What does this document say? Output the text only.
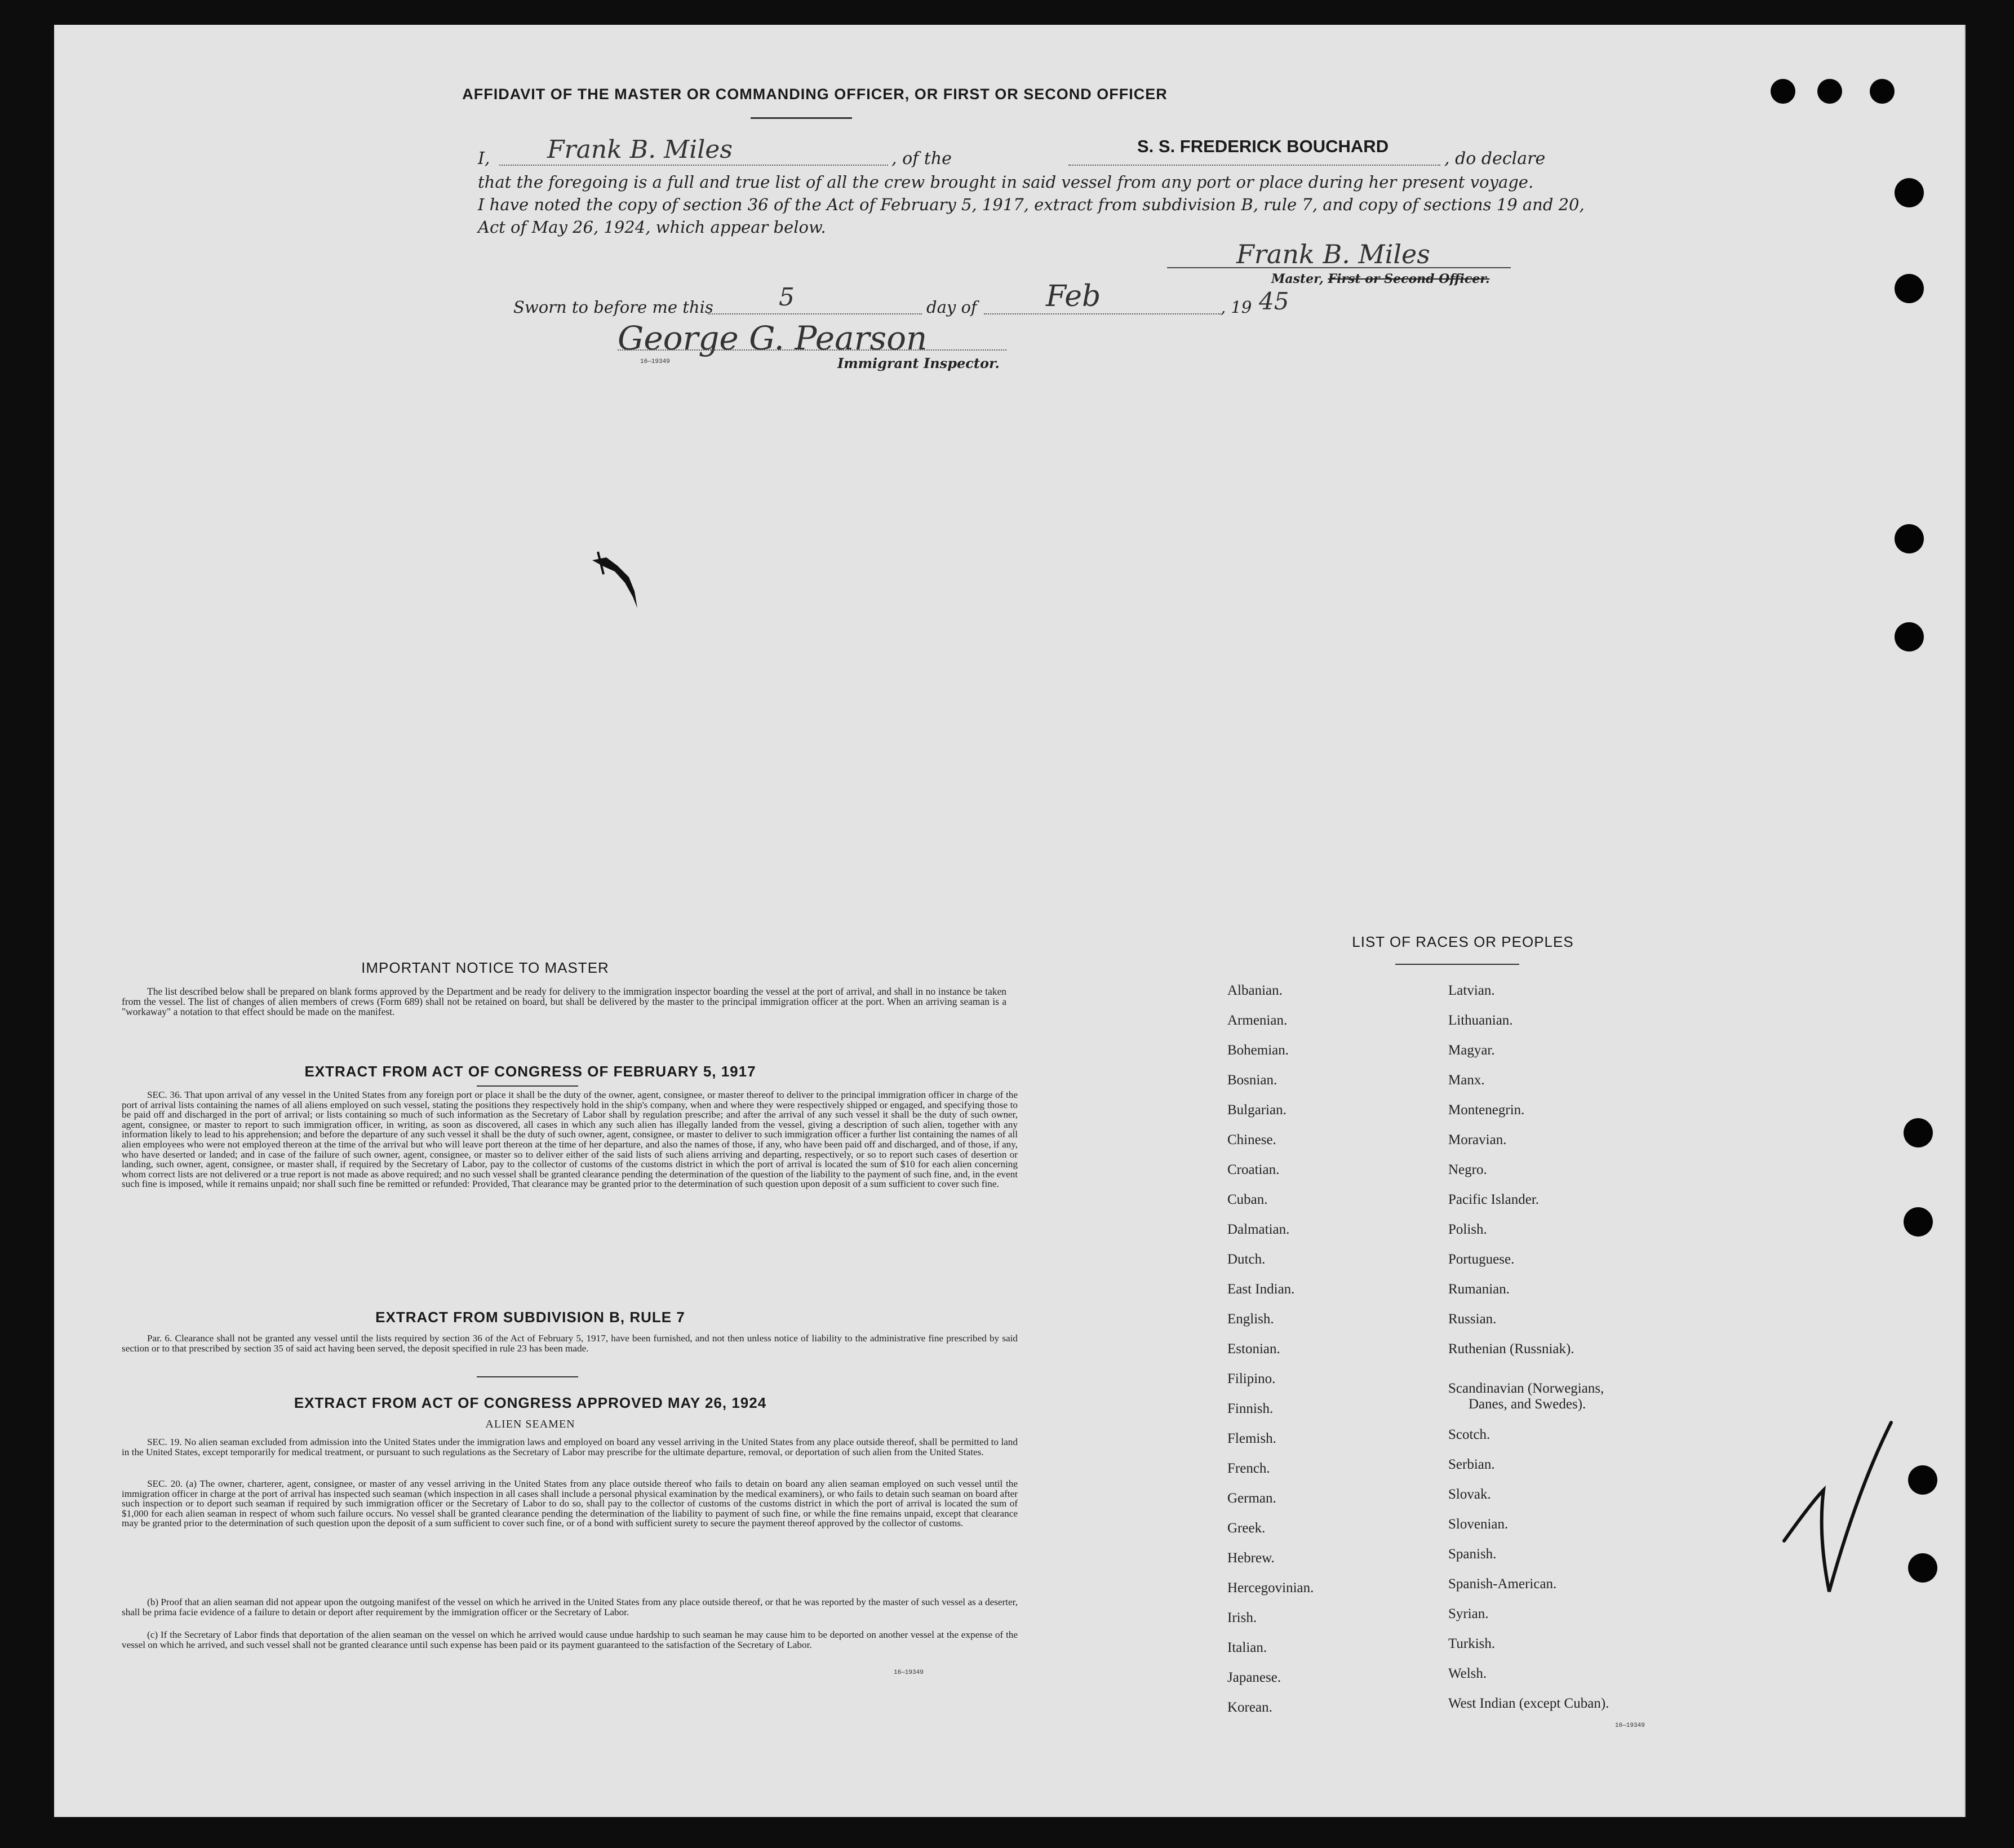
AFFIDAVIT OF THE MASTER OR COMMANDING OFFICER, OR FIRST OR SECOND OFFICER
I, Frank B. Miles	, of the
S. S. FREDERICK BOUCHARD
, do declare
that the foregoing is a full and true list of all the crew brought in said vessel from any port or place during her present voyage.
I have noted the copy of section 36 of the Act of February 5, 1917, extract from subdivision B, rule 7, and copy of sections 19 and 20,
Act of May 26, 1924, which appear below.
Frank B. Miles
Master, First or Second Officer.
Sworn to before me this	5	day of Feb	, 19 45
George G. Pearson
16—19349	Immigrant Inspector.
IMPORTANT NOTICE TO MASTER
The list described below shall be prepared on blank forms approved by the Department and be ready for delivery to the immigration inspector boarding the vessel at the port of arrival, and shall in no instance be taken from the vessel. The list of changes of alien members of crews (Form 689) shall not be retained on board, but shall be delivered by the master to the principal immigration officer at the port. When an arriving seaman is a "workaway" a notation to that effect should be made on the manifest.
EXTRACT FROM ACT OF CONGRESS OF FEBRUARY 5, 1917
SEC. 36. That upon arrival of any vessel in the United States from any foreign port or place it shall be the duty of the owner, agent, consignee, or master thereof to deliver to the principal immigration officer in charge of the port of arrival lists containing the names of all aliens employed on such vessel, stating the positions they respectively hold in the ship's company, when and where they were respectively shipped or engaged, and specifying those to be paid off and discharged in the port of arrival; or lists containing so much of such information as the Secretary of Labor shall by regulation prescribe; and after the arrival of any such vessel it shall be the duty of such owner, agent, consignee, or master to report to such immigration officer, in writing, as soon as discovered, all cases in which any such alien has illegally landed from the vessel, giving a description of such alien, together with any information likely to lead to his apprehension; and before the departure of any such vessel it shall be the duty of such owner, agent, consignee, or master to deliver to such immigration officer a further list containing the names of all alien employees who were not employed thereon at the time of the arrival but who will leave port thereon at the time of her departure, and also the names of those, if any, who have been paid off and discharged, and of those, if any, who have deserted or landed; and in case of the failure of such owner, agent, consignee, or master so to deliver either of the said lists of such aliens arriving and departing, respectively, or so to report such cases of desertion or landing, such owner, agent, consignee, or master shall, if required by the Secretary of Labor, pay to the collector of customs of the customs district in which the port of arrival is located the sum of $10 for each alien concerning whom correct lists are not delivered or a true report is not made as above required; and no such vessel shall be granted clearance pending the determination of the question of the liability to the payment of such fine, and, in the event such fine is imposed, while it remains unpaid; nor shall such fine be remitted or refunded: Provided, That clearance may be granted prior to the determination of such question upon deposit of a sum sufficient to cover such fine.
EXTRACT FROM SUBDIVISION B, RULE 7
Par. 6. Clearance shall not be granted any vessel until the lists required by section 36 of the Act of February 5, 1917, have been furnished, and not then unless notice of liability to the administrative fine prescribed by said section or to that prescribed by section 35 of said act having been served, the deposit specified in rule 23 has been made.
EXTRACT FROM ACT OF CONGRESS APPROVED MAY 26, 1924
ALIEN SEAMEN
SEC. 19. No alien seaman excluded from admission into the United States under the immigration laws and employed on board any vessel arriving in the United States from any place outside thereof, shall be permitted to land in the United States, except temporarily for medical treatment, or pursuant to such regulations as the Secretary of Labor may prescribe for the ultimate departure, removal, or deportation of such alien from the United States.
SEC. 20. (a) The owner, charterer, agent, consignee, or master of any vessel arriving in the United States from any place outside thereof who fails to detain on board any alien seaman employed on such vessel until the immigration officer in charge at the port of arrival has inspected such seaman (which inspection in all cases shall include a personal physical examination by the medical examiners), or who fails to detain such seaman on board after such inspection or to deport such seaman if required by such immigration officer or the Secretary of Labor to do so, shall pay to the collector of customs of the customs district in which the port of arrival is located the sum of $1,000 for each alien seaman in respect of whom such failure occurs. No vessel shall be granted clearance pending the determination of the liability to payment of such fine, or while the fine remains unpaid, except that clearance may be granted prior to the determination of such question upon the deposit of a sum sufficient to cover such fine, or of a bond with sufficient surety to secure the payment thereof approved by the collector of customs.
(b) Proof that an alien seaman did not appear upon the outgoing manifest of the vessel on which he arrived in the United States from any place outside thereof, or that he was reported by the master of such vessel as a deserter, shall be prima facie evidence of a failure to detain or deport after requirement by the immigration officer or the Secretary of Labor.
(c) If the Secretary of Labor finds that deportation of the alien seaman on the vessel on which he arrived would cause undue hardship to such seaman he may cause him to be deported on another vessel at the expense of the vessel on which he arrived, and such vessel shall not be granted clearance until such expense has been paid or its payment guaranteed to the satisfaction of the Secretary of Labor.
16—19349
LIST OF RACES OR PEOPLES
Albanian.
Armenian.
Bohemian.
Bosnian.
Bulgarian.
Chinese.
Croatian.
Cuban.
Dalmatian.
Dutch.
East Indian.
English.
Estonian.
Filipino.
Finnish.
Flemish.
French.
German.
Greek.
Hebrew.
Hercegovinian.
Irish.
Italian.
Japanese.
Korean.
Latvian.
Lithuanian.
Magyar.
Manx.
Montenegrin.
Moravian.
Negro.
Pacific Islander.
Polish.
Portuguese.
Rumanian.
Russian.
Ruthenian (Russniak).
Scandinavian (Norwegians,
Danes, and Swedes).
Scotch.
Serbian.
Slovak.
Slovenian.
Spanish.
Spanish-American.
Syrian.
Turkish.
Welsh.
West Indian (except Cuban).
16—19349
